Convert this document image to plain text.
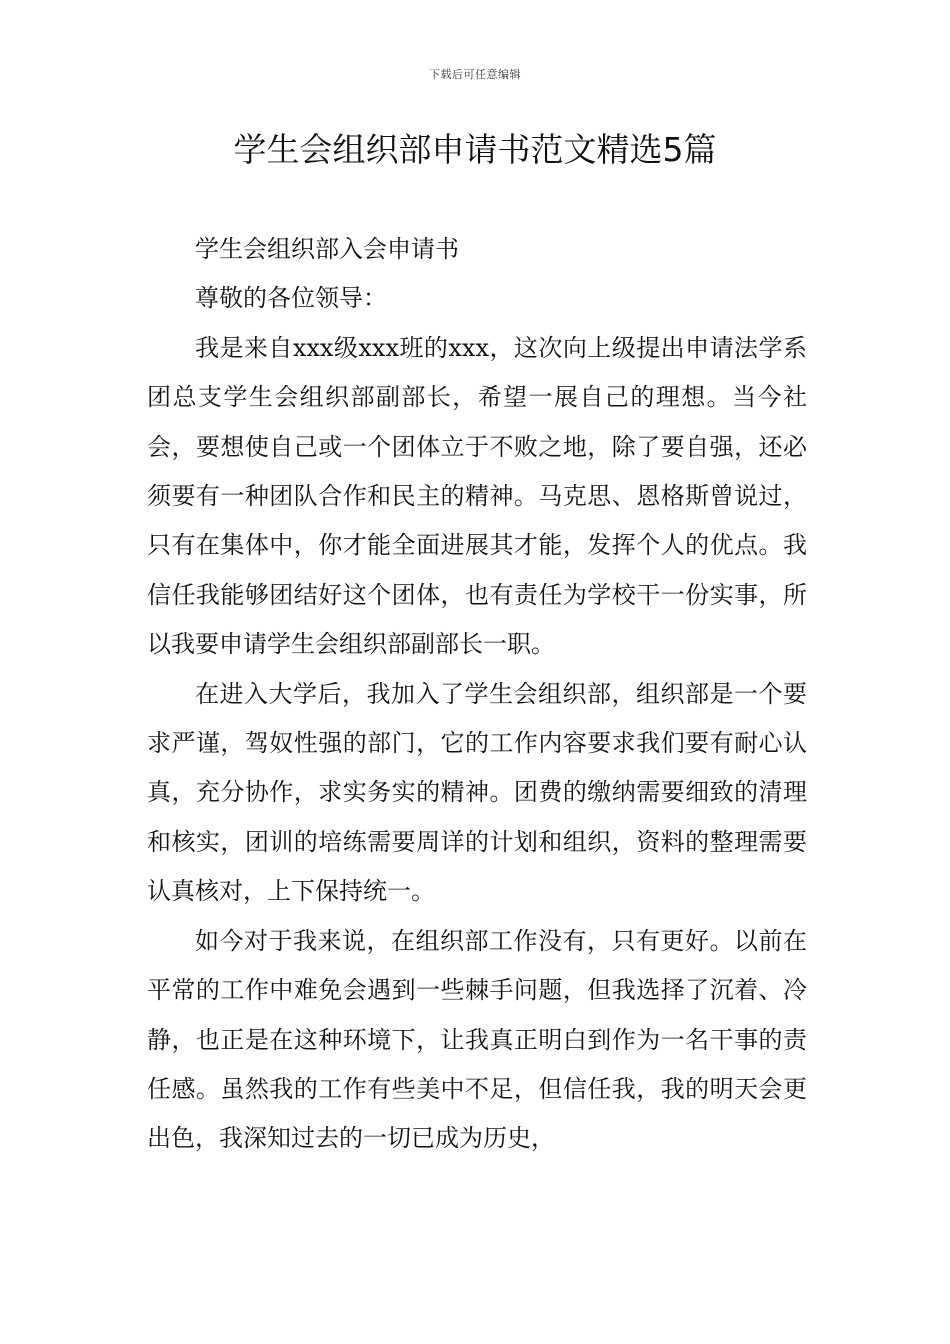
下载后可任意编辑
学生会组织部申请书范文精选5篇

学生会组织部入会申请书

尊敬的各位领导：

我是来自xxx级xxx班的xxx，这次向上级提出申请法学系团总支学生会组织部副部长，希望一展自己的理想。当今社会，要想使自己或一个团体立于不败之地，除了要自强，还必须要有一种团队合作和民主的精神。马克思、恩格斯曾说过，只有在集体中，你才能全面进展其才能，发挥个人的优点。我信任我能够团结好这个团体，也有责任为学校干一份实事，所以我要申请学生会组织部副部长一职。

在进入大学后，我加入了学生会组织部，组织部是一个要求严谨，驾奴性强的部门，它的工作内容要求我们要有耐心认真，充分协作，求实务实的精神。团费的缴纳需要细致的清理和核实，团训的培练需要周详的计划和组织，资料的整理需要认真核对，上下保持统一。

如今对于我来说，在组织部工作没有，只有更好。以前在平常的工作中难免会遇到一些棘手问题，但我选择了沉着、冷静，也正是在这种环境下，让我真正明白到作为一名干事的责任感。虽然我的工作有些美中不足，但信任我，我的明天会更出色，我深知过去的一切已成为历史，
